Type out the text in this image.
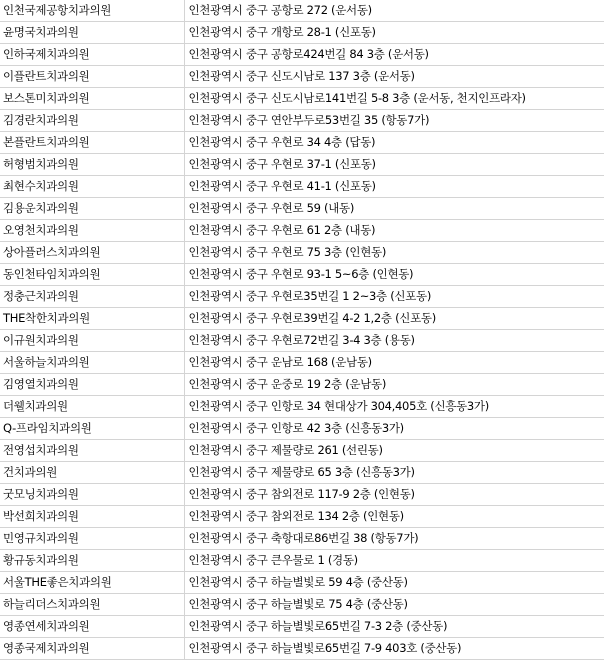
인천국제공항치과의원	인천광역시 중구 공항로 272 (운서동)
윤명국치과의원	인천광역시 중구 개항로 28-1 (신포동)
인하국제치과의원	인천광역시 중구 공항로424번길 84 3층 (운서동)
이플란트치과의원	인천광역시 중구 신도시남로 137 3층 (운서동)
보스톤미치과의원	인천광역시 중구 신도시남로141번길 5-8 3층 (운서동, 천지인프라자)
김경란치과의원	인천광역시 중구 연안부두로53번길 35 (항동7가)
본플란트치과의원	인천광역시 중구 우현로 34 4층 (답동)
허형범치과의원	인천광역시 중구 우현로 37-1 (신포동)
최현수치과의원	인천광역시 중구 우현로 41-1 (신포동)
김용운치과의원	인천광역시 중구 우현로 59 (내동)
오영천치과의원	인천광역시 중구 우현로 61 2층 (내동)
상아플러스치과의원	인천광역시 중구 우현로 75 3층 (인현동)
동인천타임치과의원	인천광역시 중구 우현로 93-1 5~6층 (인현동)
정충근치과의원	인천광역시 중구 우현로35번길 1 2~3층 (신포동)
THE착한치과의원	인천광역시 중구 우현로39번길 4-2 1,2층 (신포동)
이규원치과의원	인천광역시 중구 우현로72번길 3-4 3층 (용동)
서울하늘치과의원	인천광역시 중구 운남로 168 (운남동)
김영열치과의원	인천광역시 중구 운중로 19 2층 (운남동)
더웰치과의원	인천광역시 중구 인항로 34 현대상가 304,405호 (신흥동3가)
Q-프라임치과의원	인천광역시 중구 인항로 42 3층 (신흥동3가)
전영섭치과의원	인천광역시 중구 제물량로 261 (선린동)
건치과의원	인천광역시 중구 제물량로 65 3층 (신흥동3가)
굿모닝치과의원	인천광역시 중구 참외전로 117-9 2층 (인현동)
박선희치과의원	인천광역시 중구 참외전로 134 2층 (인현동)
민영규치과의원	인천광역시 중구 축항대로86번길 38 (항동7가)
황규동치과의원	인천광역시 중구 큰우물로 1 (경동)
서울THE좋은치과의원	인천광역시 중구 하늘별빛로 59 4층 (중산동)
하늘리더스치과의원	인천광역시 중구 하늘별빛로 75 4층 (중산동)
영종연세치과의원	인천광역시 중구 하늘별빛로65번길 7-3 2층 (중산동)
영종국제치과의원	인천광역시 중구 하늘별빛로65번길 7-9 403호 (중산동)
